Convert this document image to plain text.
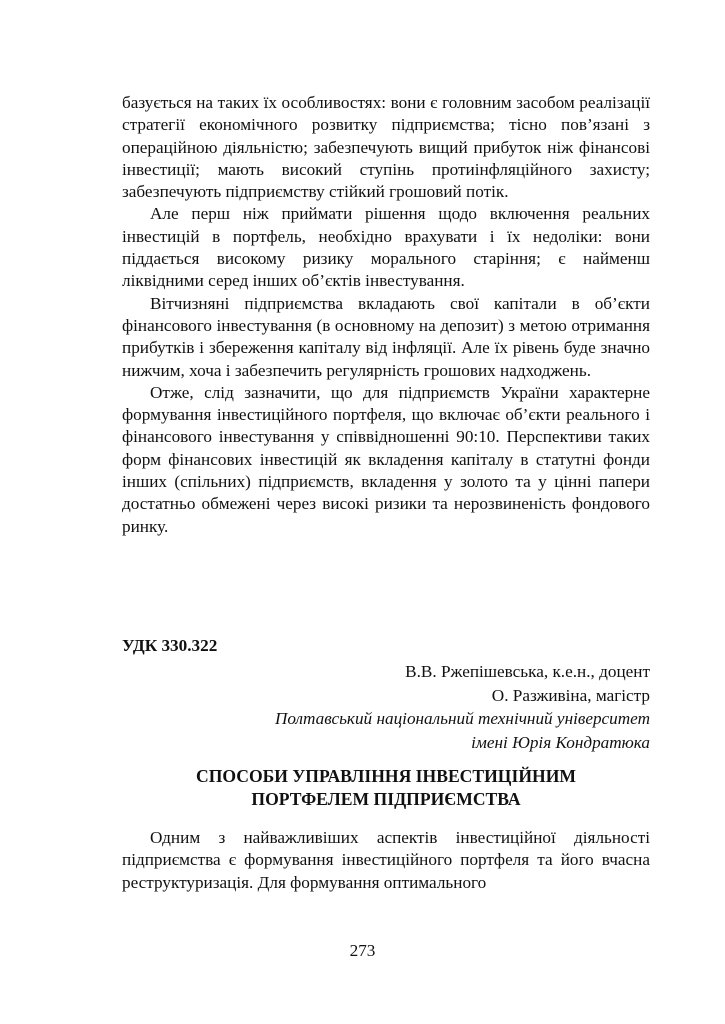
базується на таких їх особливостях: вони є головним засобом реалізації стратегії економічного розвитку підприємства; тісно пов’язані з операційною діяльністю; забезпечують вищий прибуток ніж фінансові інвестиції; мають високий ступінь протиінфляційного захисту; забезпечують підприємству стійкий грошовий потік.

Але перш ніж приймати рішення щодо включення реальних інвестицій в портфель, необхідно врахувати і їх недоліки: вони піддається високому ризику морального старіння; є найменш ліквідними серед інших об’єктів інвестування.

Вітчизняні підприємства вкладають свої капітали в об’єкти фінансового інвестування (в основному на депозит) з метою отримання прибутків і збереження капіталу від інфляції. Але їх рівень буде значно нижчим, хоча і забезпечить регулярність грошових надходжень.

Отже, слід зазначити, що для підприємств України характерне формування інвестиційного портфеля, що включає об’єкти реального і фінансового інвестування у співвідношенні 90:10. Перспективи таких форм фінансових інвестицій як вкладення капіталу в статутні фонди інших (спільних) підприємств, вкладення у золото та у цінні папери достатньо обмежені через високі ризики та нерозвиненість фондового ринку.

УДК 330.322

В.В. Ржепішевська, к.е.н., доцент
О. Разживіна, магістр
Полтавський національний технічний університет
імені Юрія Кондратюка
СПОСОБИ УПРАВЛІННЯ ІНВЕСТИЦІЙНИМ
ПОРТФЕЛЕМ ПІДПРИЄМСТВА

Одним з найважливіших аспектів інвестиційної діяльності підприємства є формування інвестиційного портфеля та його вчасна реструктуризація. Для формування оптимального

273
